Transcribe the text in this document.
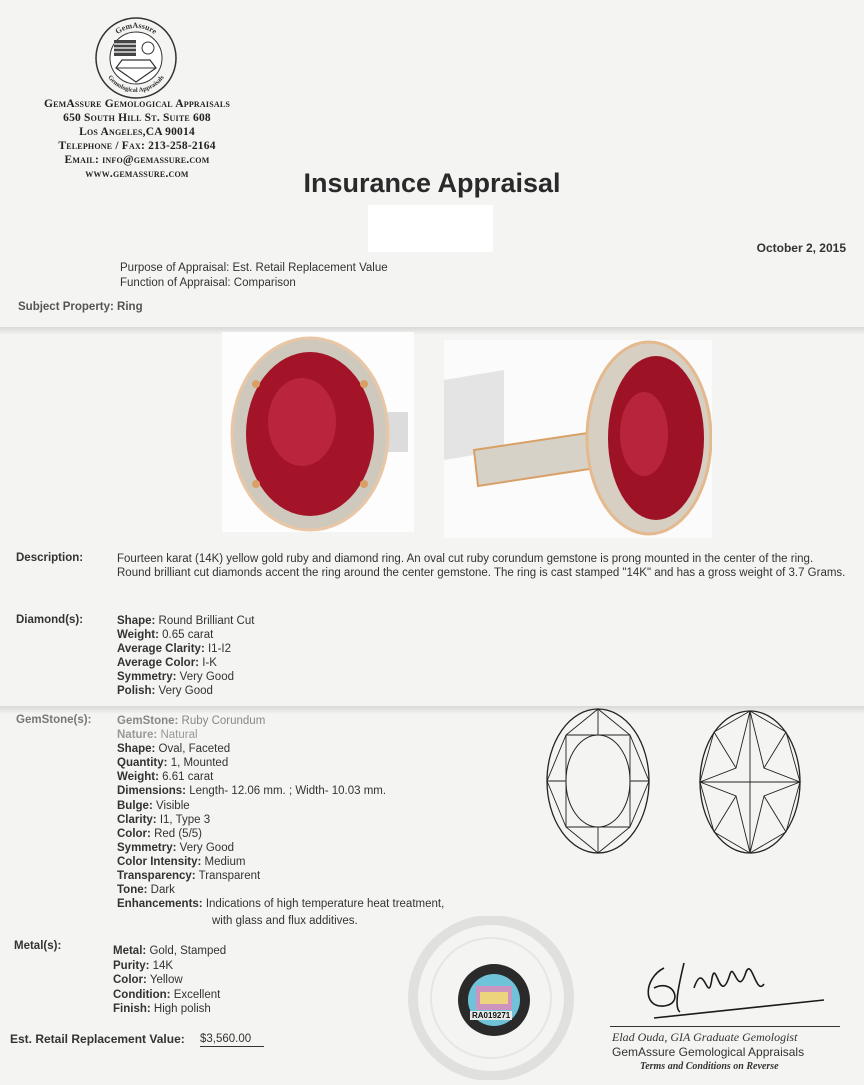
GemAssure
Gemological Appraisals
GemAssure Gemological Appraisals
650 South Hill St. Suite 608
Los Angeles,CA 90014
Telephone / Fax: 213-258-2164
Email: info@gemassure.com
www.gemassure.com	Insurance Appraisal
October 2, 2015
Purpose of Appraisal: Est. Retail Replacement Value
Function of Appraisal: Comparison
Subject Property: Ring
Description:	Fourteen karat (14K) yellow gold ruby and diamond ring. An oval cut ruby corundum gemstone is prong mounted in the center of the ring. Round brilliant cut diamonds accent the ring around the center gemstone. The ring is cast stamped "14K" and has a gross weight of 3.7 Grams.
Diamond(s):	Shape: Round Brilliant Cut
Weight: 0.65 carat
Average Clarity: I1-I2
Average Color: I-K
Symmetry: Very Good
Polish: Very Good
GemStone(s): GemStone: Ruby Corundum
Nature: Natural
Shape: Oval, Faceted
Quantity: 1, Mounted
Weight: 6.61 carat
Dimensions: Length- 12.06 mm. ; Width- 10.03 mm.
Bulge: Visible
Clarity: I1, Type 3
Color: Red (5/5)
Symmetry: Very Good
Color Intensity: Medium
Transparency: Transparent
Tone: Dark
Enhancements: Indications of high temperature heat treatment,
with glass and flux additives.
Metal(s):	Metal: Gold, Stamped
Purity: 14K
Color: Yellow
Condition: Excellent
Finish: High polish
Est. Retail Replacement Value: $3,560.00
RA019271
Elad Ouda, GIA Graduate Gemologist
GemAssure Gemological Appraisals
Terms and Conditions on Reverse
